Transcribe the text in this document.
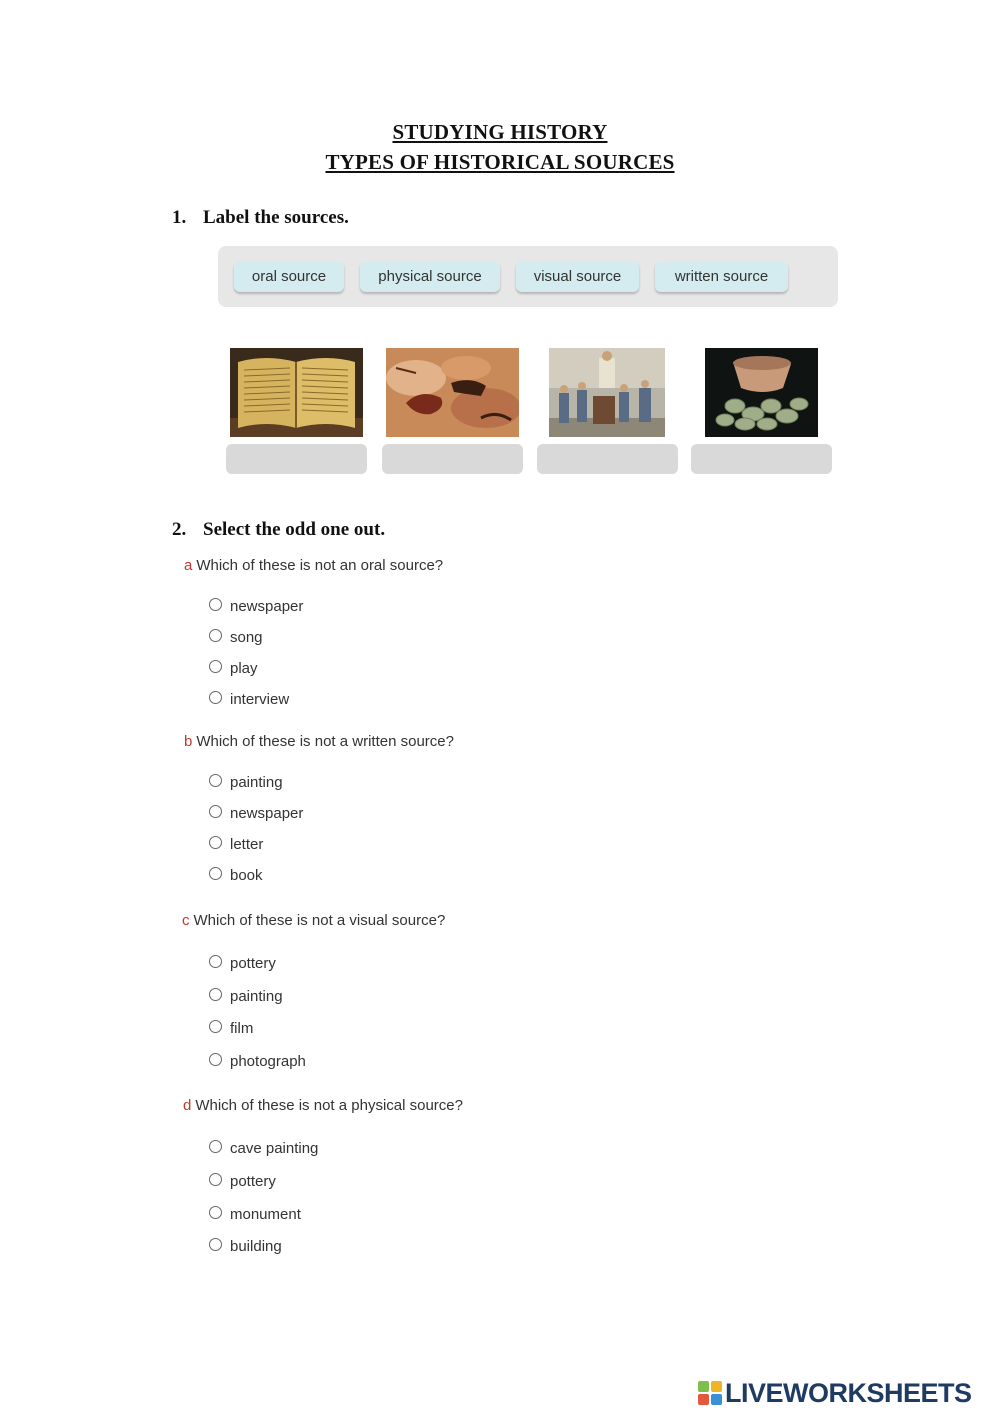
STUDYING HISTORY
TYPES OF HISTORICAL SOURCES
1. Label the sources.
oral source	physical source	visual source	written source
2. Select the odd one out.
a Which of these is not an oral source?
newspaper
song
play
interview
b Which of these is not a written source?
painting
newspaper
letter
book
c Which of these is not a visual source?
pottery
painting
film
photograph
d Which of these is not a physical source?
cave painting
pottery
monument
building
LIVEWORKSHEETS
